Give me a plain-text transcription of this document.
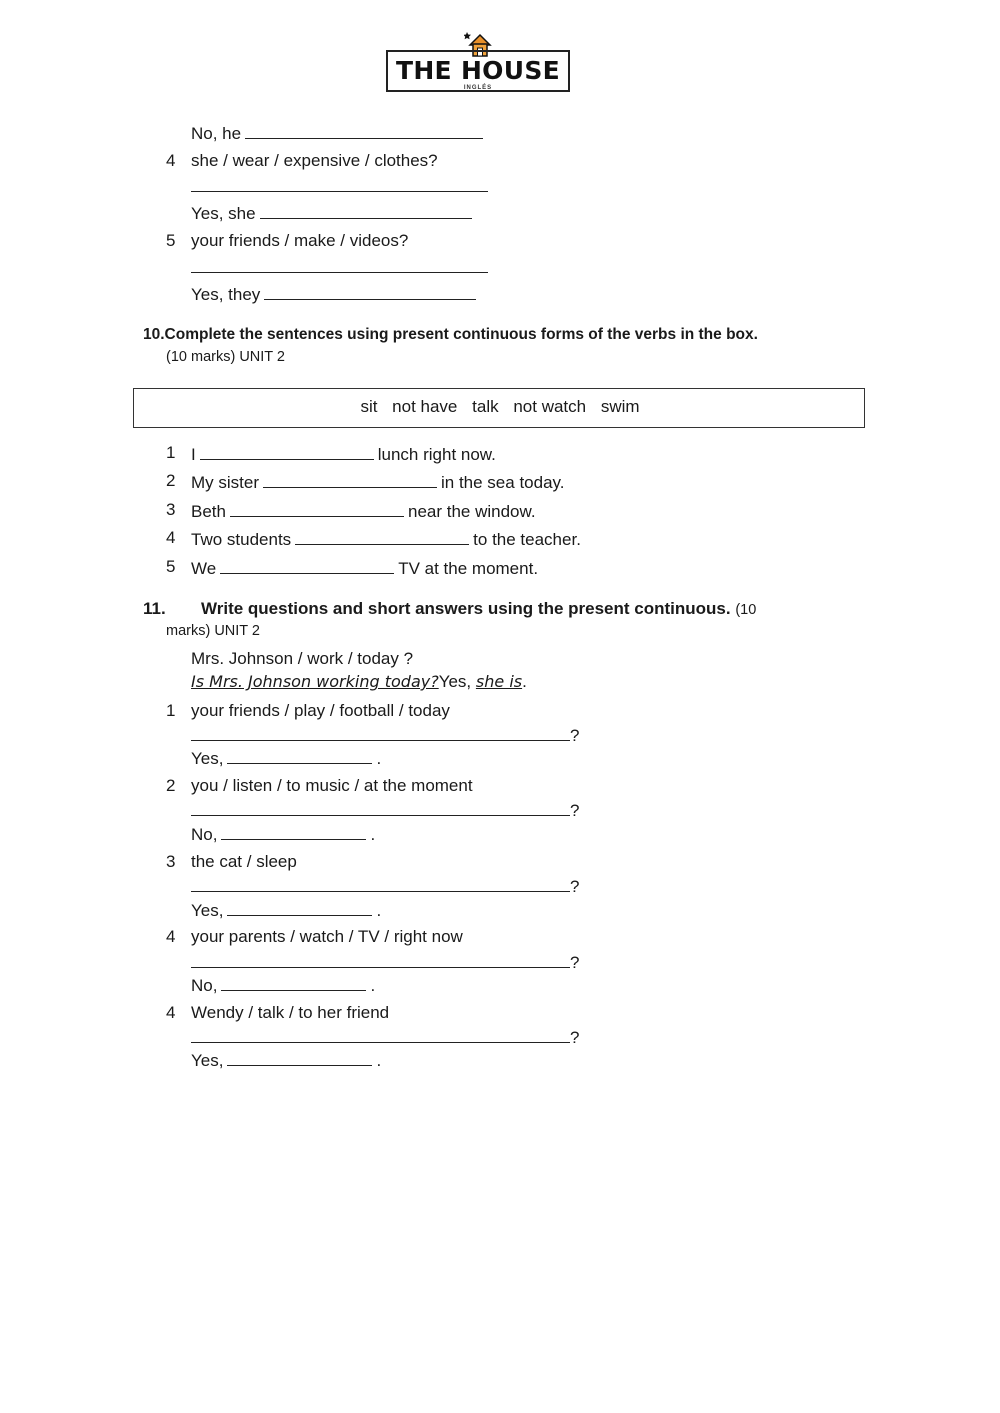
THE HOUSE
INGLÉS
No, he
4 she / wear / expensive / clothes?
Yes, she
5 your friends / make / videos?
Yes, they
10.Complete the sentences using present continuous forms of the verbs in the box.
(10 marks) UNIT 2
sit not have talk not watch swim
1 I	lunch right now.
2 My sister	in the sea today.
3 Beth	near the window.
4 Two students	to the teacher.
5 We	TV at the moment.
11. Write questions and short answers using the present continuous. (10
marks) UNIT 2
Mrs. Johnson / work / today ?
Is Mrs. Johnson working today?Yes, she is.
1 your friends / play / football / today
?
Yes,	.
2 you / listen / to music / at the moment
?
No,	.
3 the cat / sleep
?
Yes,	.
4 your parents / watch / TV / right now
?
No,	.
4 Wendy / talk / to her friend
?
Yes,	.
